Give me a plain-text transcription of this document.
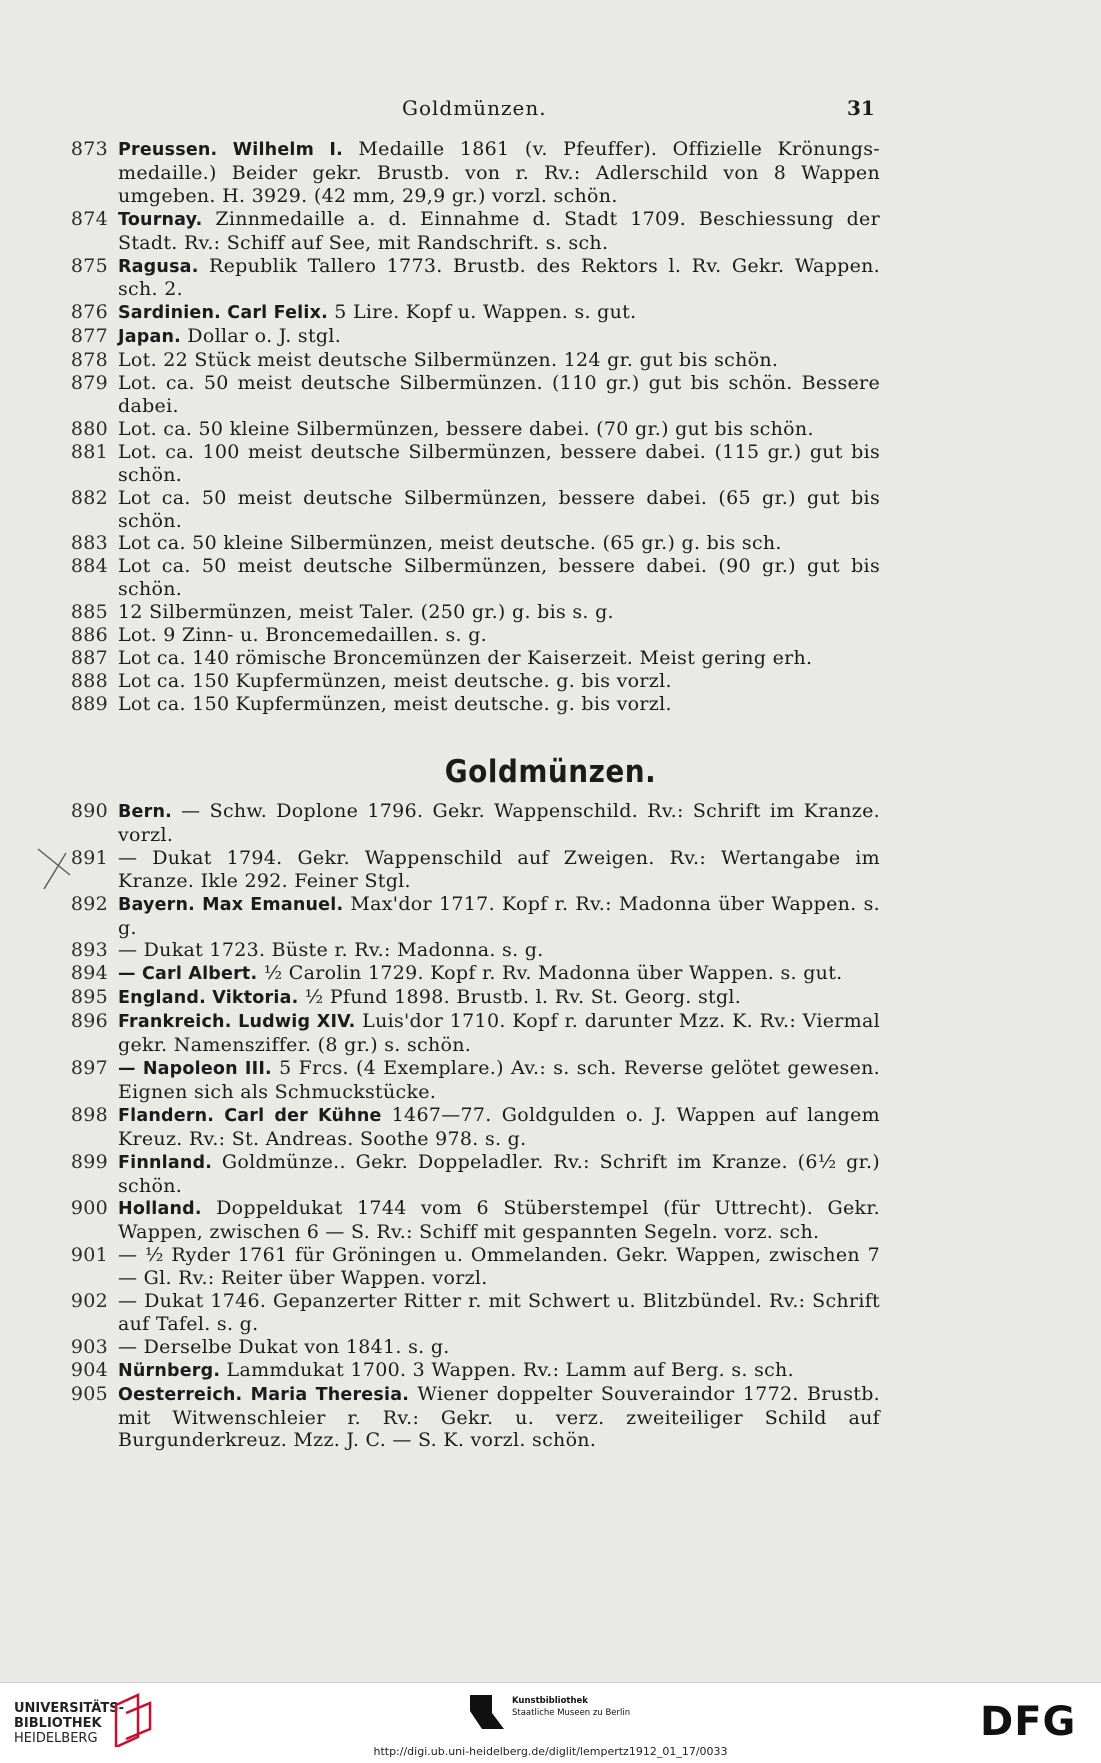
Goldmünzen.	31
873 Preussen. Wilhelm I. Medaille 1861 (v. Pfeuffer). Offizielle Krönungs-medaille.) Beider gekr. Brustb. von r. Rv.: Adlerschild von 8 Wappen umgeben. H. 3929. (42 mm, 29,9 gr.) vorzl. schön.
874 Tournay. Zinnmedaille a. d. Einnahme d. Stadt 1709. Beschiessung der Stadt. Rv.: Schiff auf See, mit Randschrift. s. sch.
875 Ragusa. Republik Tallero 1773. Brustb. des Rektors l. Rv. Gekr. Wappen. sch. 2.
876 Sardinien. Carl Felix. 5 Lire. Kopf u. Wappen. s. gut.
877 Japan. Dollar o. J. stgl.
878 Lot. 22 Stück meist deutsche Silbermünzen. 124 gr. gut bis schön.
879 Lot. ca. 50 meist deutsche Silbermünzen. (110 gr.) gut bis schön. Bessere dabei.
880 Lot. ca. 50 kleine Silbermünzen, bessere dabei. (70 gr.) gut bis schön.
881 Lot. ca. 100 meist deutsche Silbermünzen, bessere dabei. (115 gr.) gut bis schön.
882 Lot ca. 50 meist deutsche Silbermünzen, bessere dabei. (65 gr.) gut bis schön.
883 Lot ca. 50 kleine Silbermünzen, meist deutsche. (65 gr.) g. bis sch.
884 Lot ca. 50 meist deutsche Silbermünzen, bessere dabei. (90 gr.) gut bis schön.
885 12 Silbermünzen, meist Taler. (250 gr.) g. bis s. g.
886 Lot. 9 Zinn- u. Broncemedaillen. s. g.
887 Lot ca. 140 römische Broncemünzen der Kaiserzeit. Meist gering erh.
888 Lot ca. 150 Kupfermünzen, meist deutsche. g. bis vorzl.
889 Lot ca. 150 Kupfermünzen, meist deutsche. g. bis vorzl.
Goldmünzen.
890 Bern. — Schw. Doplone 1796. Gekr. Wappenschild. Rv.: Schrift im Kranze. vorzl.
891 — Dukat 1794. Gekr. Wappenschild auf Zweigen. Rv.: Wertangabe im Kranze. Ikle 292. Feiner Stgl.
892 Bayern. Max Emanuel. Max'dor 1717. Kopf r. Rv.: Madonna über Wappen. s. g.
893 — Dukat 1723. Büste r. Rv.: Madonna. s. g.
894 — Carl Albert. ½ Carolin 1729. Kopf r. Rv. Madonna über Wappen. s. gut.
895 England. Viktoria. ½ Pfund 1898. Brustb. l. Rv. St. Georg. stgl.
896 Frankreich. Ludwig XIV. Luis'dor 1710. Kopf r. darunter Mzz. K. Rv.: Viermal gekr. Namensziffer. (8 gr.) s. schön.
897 — Napoleon III. 5 Frcs. (4 Exemplare.) Av.: s. sch. Reverse gelötet gewesen. Eignen sich als Schmuckstücke.
898 Flandern. Carl der Kühne 1467—77. Goldgulden o. J. Wappen auf langem Kreuz. Rv.: St. Andreas. Soothe 978. s. g.
899 Finnland. Goldmünze.. Gekr. Doppeladler. Rv.: Schrift im Kranze. (6½ gr.) schön.
900 Holland. Doppeldukat 1744 vom 6 Stüberstempel (für Uttrecht). Gekr. Wappen, zwischen 6 — S. Rv.: Schiff mit gespannten Segeln. vorz. sch.
901 — ½ Ryder 1761 für Gröningen u. Ommelanden. Gekr. Wappen, zwischen 7 — Gl. Rv.: Reiter über Wappen. vorzl.
902 — Dukat 1746. Gepanzerter Ritter r. mit Schwert u. Blitzbündel. Rv.: Schrift auf Tafel. s. g.
903 — Derselbe Dukat von 1841. s. g.
904 Nürnberg. Lammdukat 1700. 3 Wappen. Rv.: Lamm auf Berg. s. sch.
905 Oesterreich. Maria Theresia. Wiener doppelter Souveraindor 1772. Brustb. mit Witwenschleier r. Rv.: Gekr. u. verz. zweiteiliger Schild auf Burgunderkreuz. Mzz. J. C. — S. K. vorzl. schön.
UNIVERSITÄTS-
BIBLIOTHEK
HEIDELBERG
Kunstbibliothek
Staatliche Museen zu Berlin	DFG
http://digi.ub.uni-heidelberg.de/diglit/lempertz1912_01_17/0033
